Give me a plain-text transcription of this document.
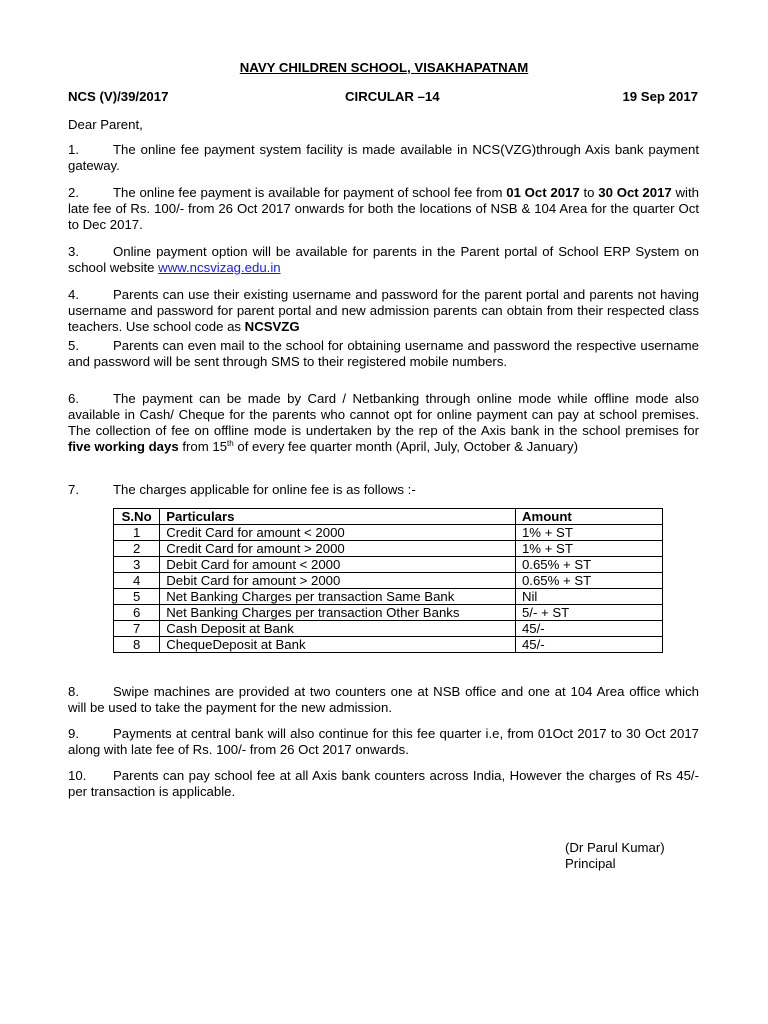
NAVY CHILDREN SCHOOL, VISAKHAPATNAM
NCS (V)/39/2017	CIRCULAR –14	19 Sep 2017
Dear Parent,

1.	The online fee payment system facility is made available in NCS(VZG)through Axis bank payment gateway.

2.	The online fee payment is available for payment of school fee from 01 Oct 2017 to 30 Oct 2017 with late fee of Rs. 100/- from 26 Oct 2017 onwards for both the locations of NSB & 104 Area for the quarter Oct to Dec 2017.

3.	Online payment option will be available for parents in the Parent portal of School ERP System on school website www.ncsvizag.edu.in

4.	Parents can use their existing username and password for the parent portal and parents not having username and password for parent portal and new admission parents can obtain from their respected class teachers. Use school code as NCSVZG

5.	Parents can even mail to the school for obtaining username and password the respective username and password will be sent through SMS to their registered mobile numbers.

6.	The payment can be made by Card / Netbanking through online mode while offline mode also available in Cash/ Cheque for the parents who cannot opt for online payment can pay at school premises. The collection of fee on offline mode is undertaken by the rep of the Axis bank in the school premises for five working days from 15th of every fee quarter month (April, July, October & January)

7.	The charges applicable for online fee is as follows :-

S.No	Particulars	Amount
1	Credit Card for amount < 2000	1% + ST
2	Credit Card for amount > 2000	1% + ST
3	Debit Card for amount < 2000	0.65% + ST
4	Debit Card for amount > 2000	0.65% + ST
5	Net Banking Charges per transaction Same Bank	Nil
6	Net Banking Charges per transaction Other Banks	5/- + ST
7	Cash Deposit at Bank	45/-
8	ChequeDeposit at Bank	45/-

8.	Swipe machines are provided at two counters one at NSB office and one at 104 Area office which will be used to take the payment for the new admission.

9.	Payments at central bank will also continue for this fee quarter i.e, from 01Oct 2017 to 30 Oct 2017 along with late fee of Rs. 100/- from 26 Oct 2017 onwards.

10. Parents can pay school fee at all Axis bank counters across India, However the charges of Rs 45/- per transaction is applicable.

(Dr Parul Kumar)
Principal
